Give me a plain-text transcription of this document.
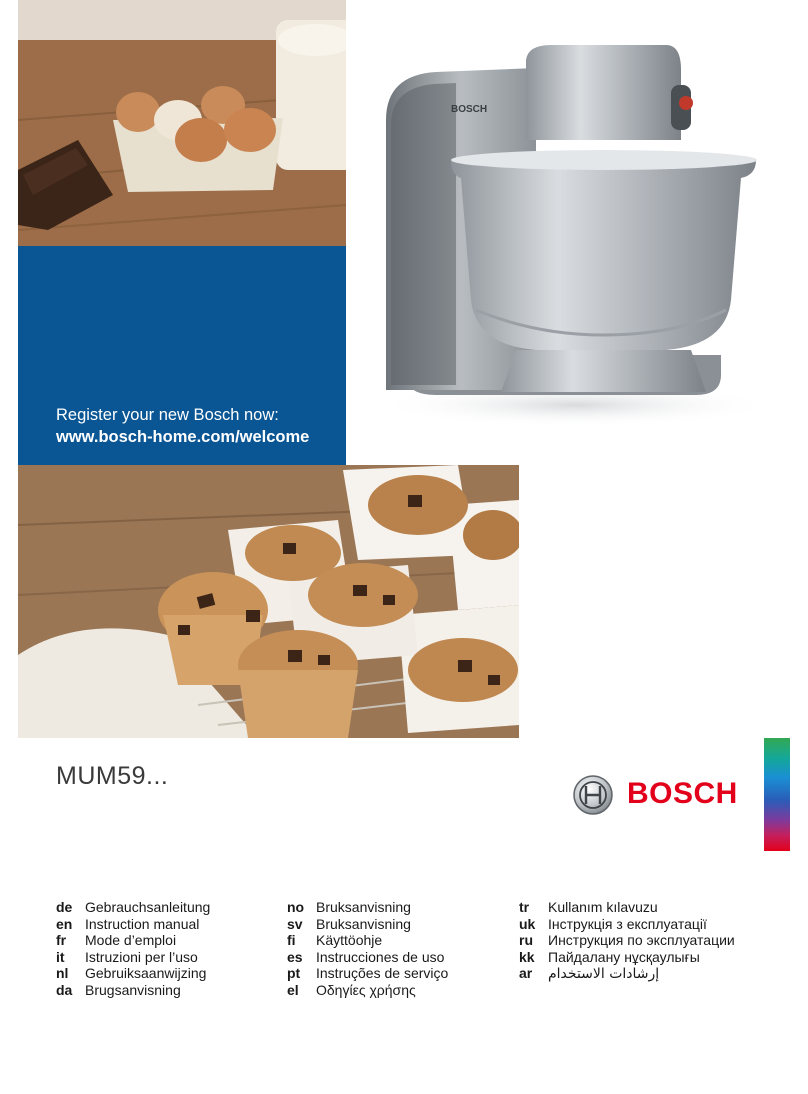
Register your new Bosch now:
www.bosch-home.com/welcome
BOSCH
MUM59...
BOSCH
de Gebrauchsanleitung
en Instruction manual
fr Mode d’emploi
it Istruzioni per l’uso
nl Gebruiksaanwijzing
da Brugsanvisning
no Bruksanvisning
sv Bruksanvisning
fi Käyttöohje
es Instrucciones de uso
pt Instruções de serviço
el Οδηγίες χρήσης
tr Kullanım kılavuzu
uk Інструкція з експлуатації
ru Инструкция по эксплуатации
kk Пайдалану нұсқаулығы
ar إرشادات الاستخدام
